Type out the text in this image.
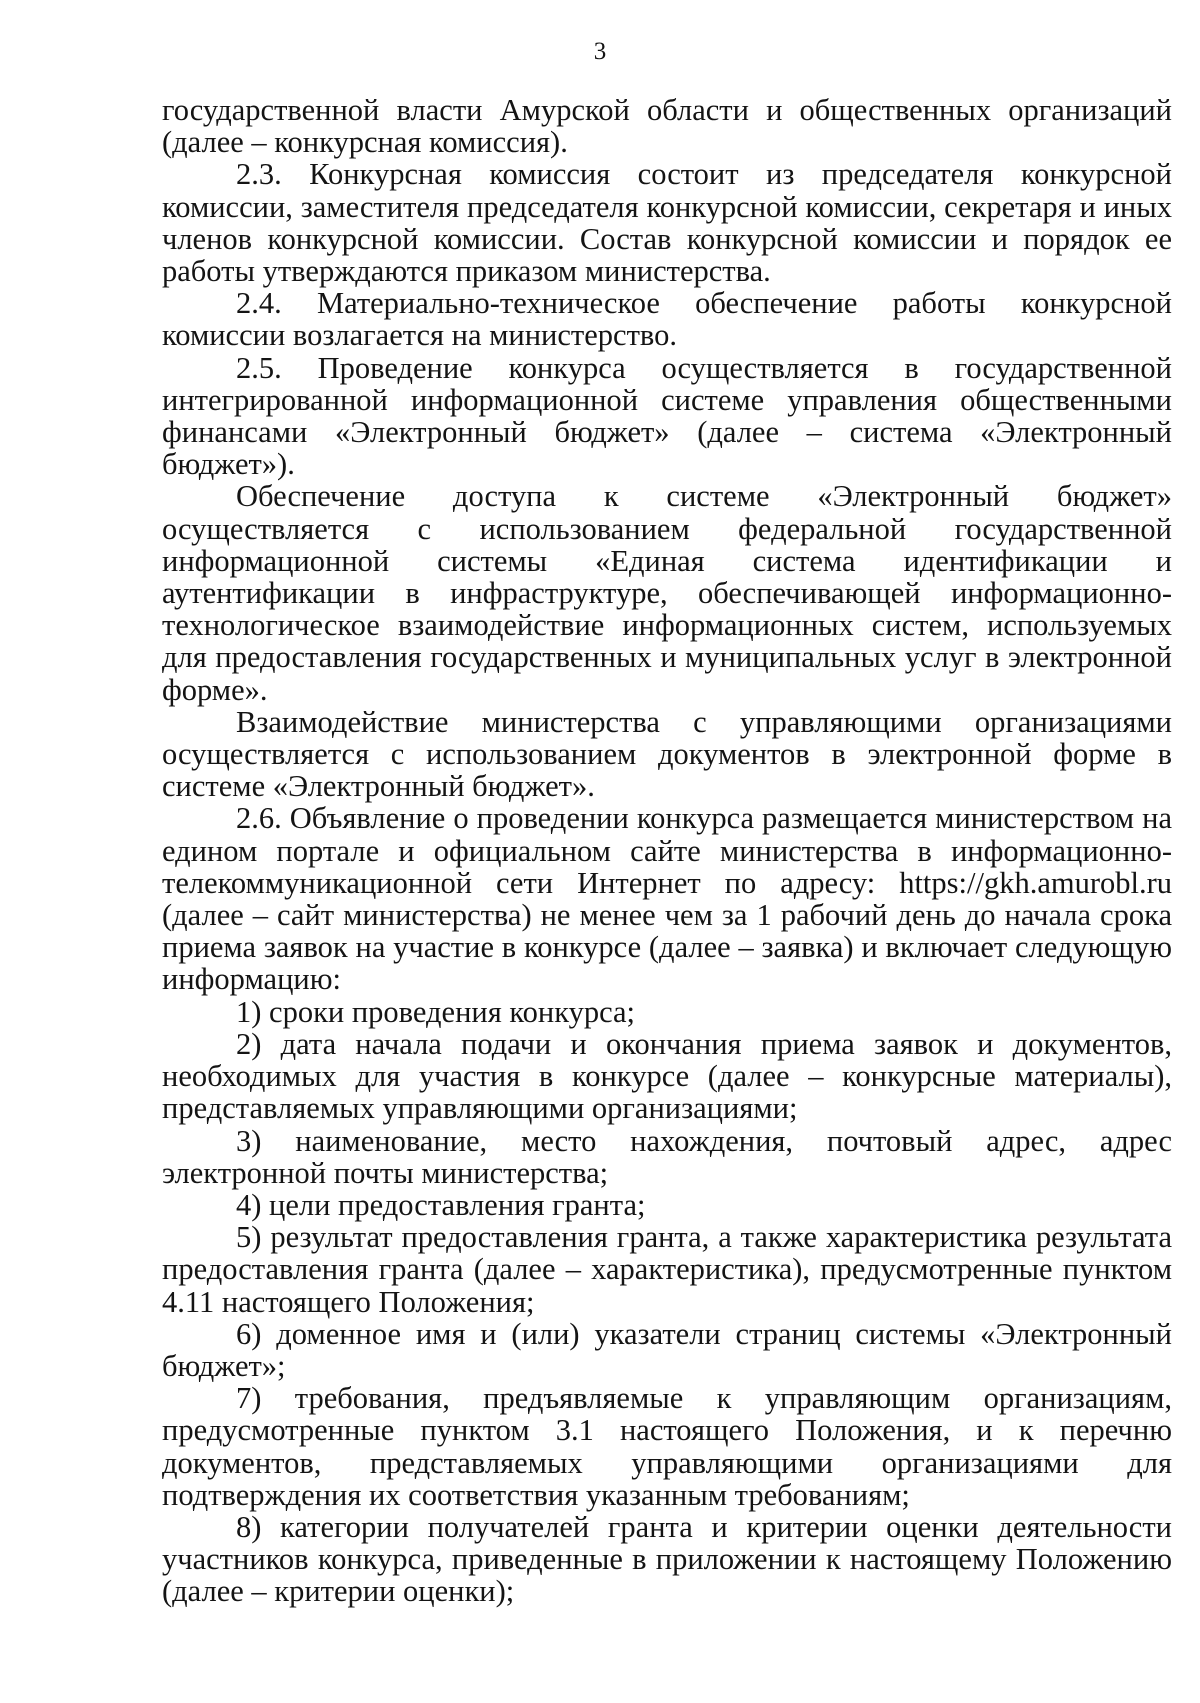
3

государственной власти Амурской области и общественных организаций (далее – конкурсная комиссия).

2.3. Конкурсная комиссия состоит из председателя конкурсной комиссии, заместителя председателя конкурсной комиссии, секретаря и иных членов конкурсной комиссии. Состав конкурсной комиссии и порядок ее работы утверждаются приказом министерства.

2.4. Материально-техническое обеспечение работы конкурсной комиссии возлагается на министерство.

2.5. Проведение конкурса осуществляется в государственной интегрированной информационной системе управления общественными финансами «Электронный бюджет» (далее – система «Электронный бюджет»).

Обеспечение доступа к системе «Электронный бюджет» осуществляется с использованием федеральной государственной информационной системы «Единая система идентификации и аутентификации в инфраструктуре, обеспечивающей информационно-технологическое взаимодействие информационных систем, используемых для предоставления государственных и муниципальных услуг в электронной форме».

Взаимодействие министерства с управляющими организациями осуществляется с использованием документов в электронной форме в системе «Электронный бюджет».

2.6. Объявление о проведении конкурса размещается министерством на едином портале и официальном сайте министерства в информационно-телекоммуникационной сети Интернет по адресу: https://gkh.amurobl.ru (далее – сайт министерства) не менее чем за 1 рабочий день до начала срока приема заявок на участие в конкурсе (далее – заявка) и включает следующую информацию:

1) сроки проведения конкурса;

2) дата начала подачи и окончания приема заявок и документов, необходимых для участия в конкурсе (далее – конкурсные материалы), представляемых управляющими организациями;

3) наименование, место нахождения, почтовый адрес, адрес электронной почты министерства;

4) цели предоставления гранта;

5) результат предоставления гранта, а также характеристика результата предоставления гранта (далее – характеристика), предусмотренные пунктом 4.11 настоящего Положения;

6) доменное имя и (или) указатели страниц системы «Электронный бюджет»;

7) требования, предъявляемые к управляющим организациям, предусмотренные пунктом 3.1 настоящего Положения, и к перечню документов, представляемых управляющими организациями для подтверждения их соответствия указанным требованиям;

8) категории получателей гранта и критерии оценки деятельности участников конкурса, приведенные в приложении к настоящему Положению (далее – критерии оценки);
